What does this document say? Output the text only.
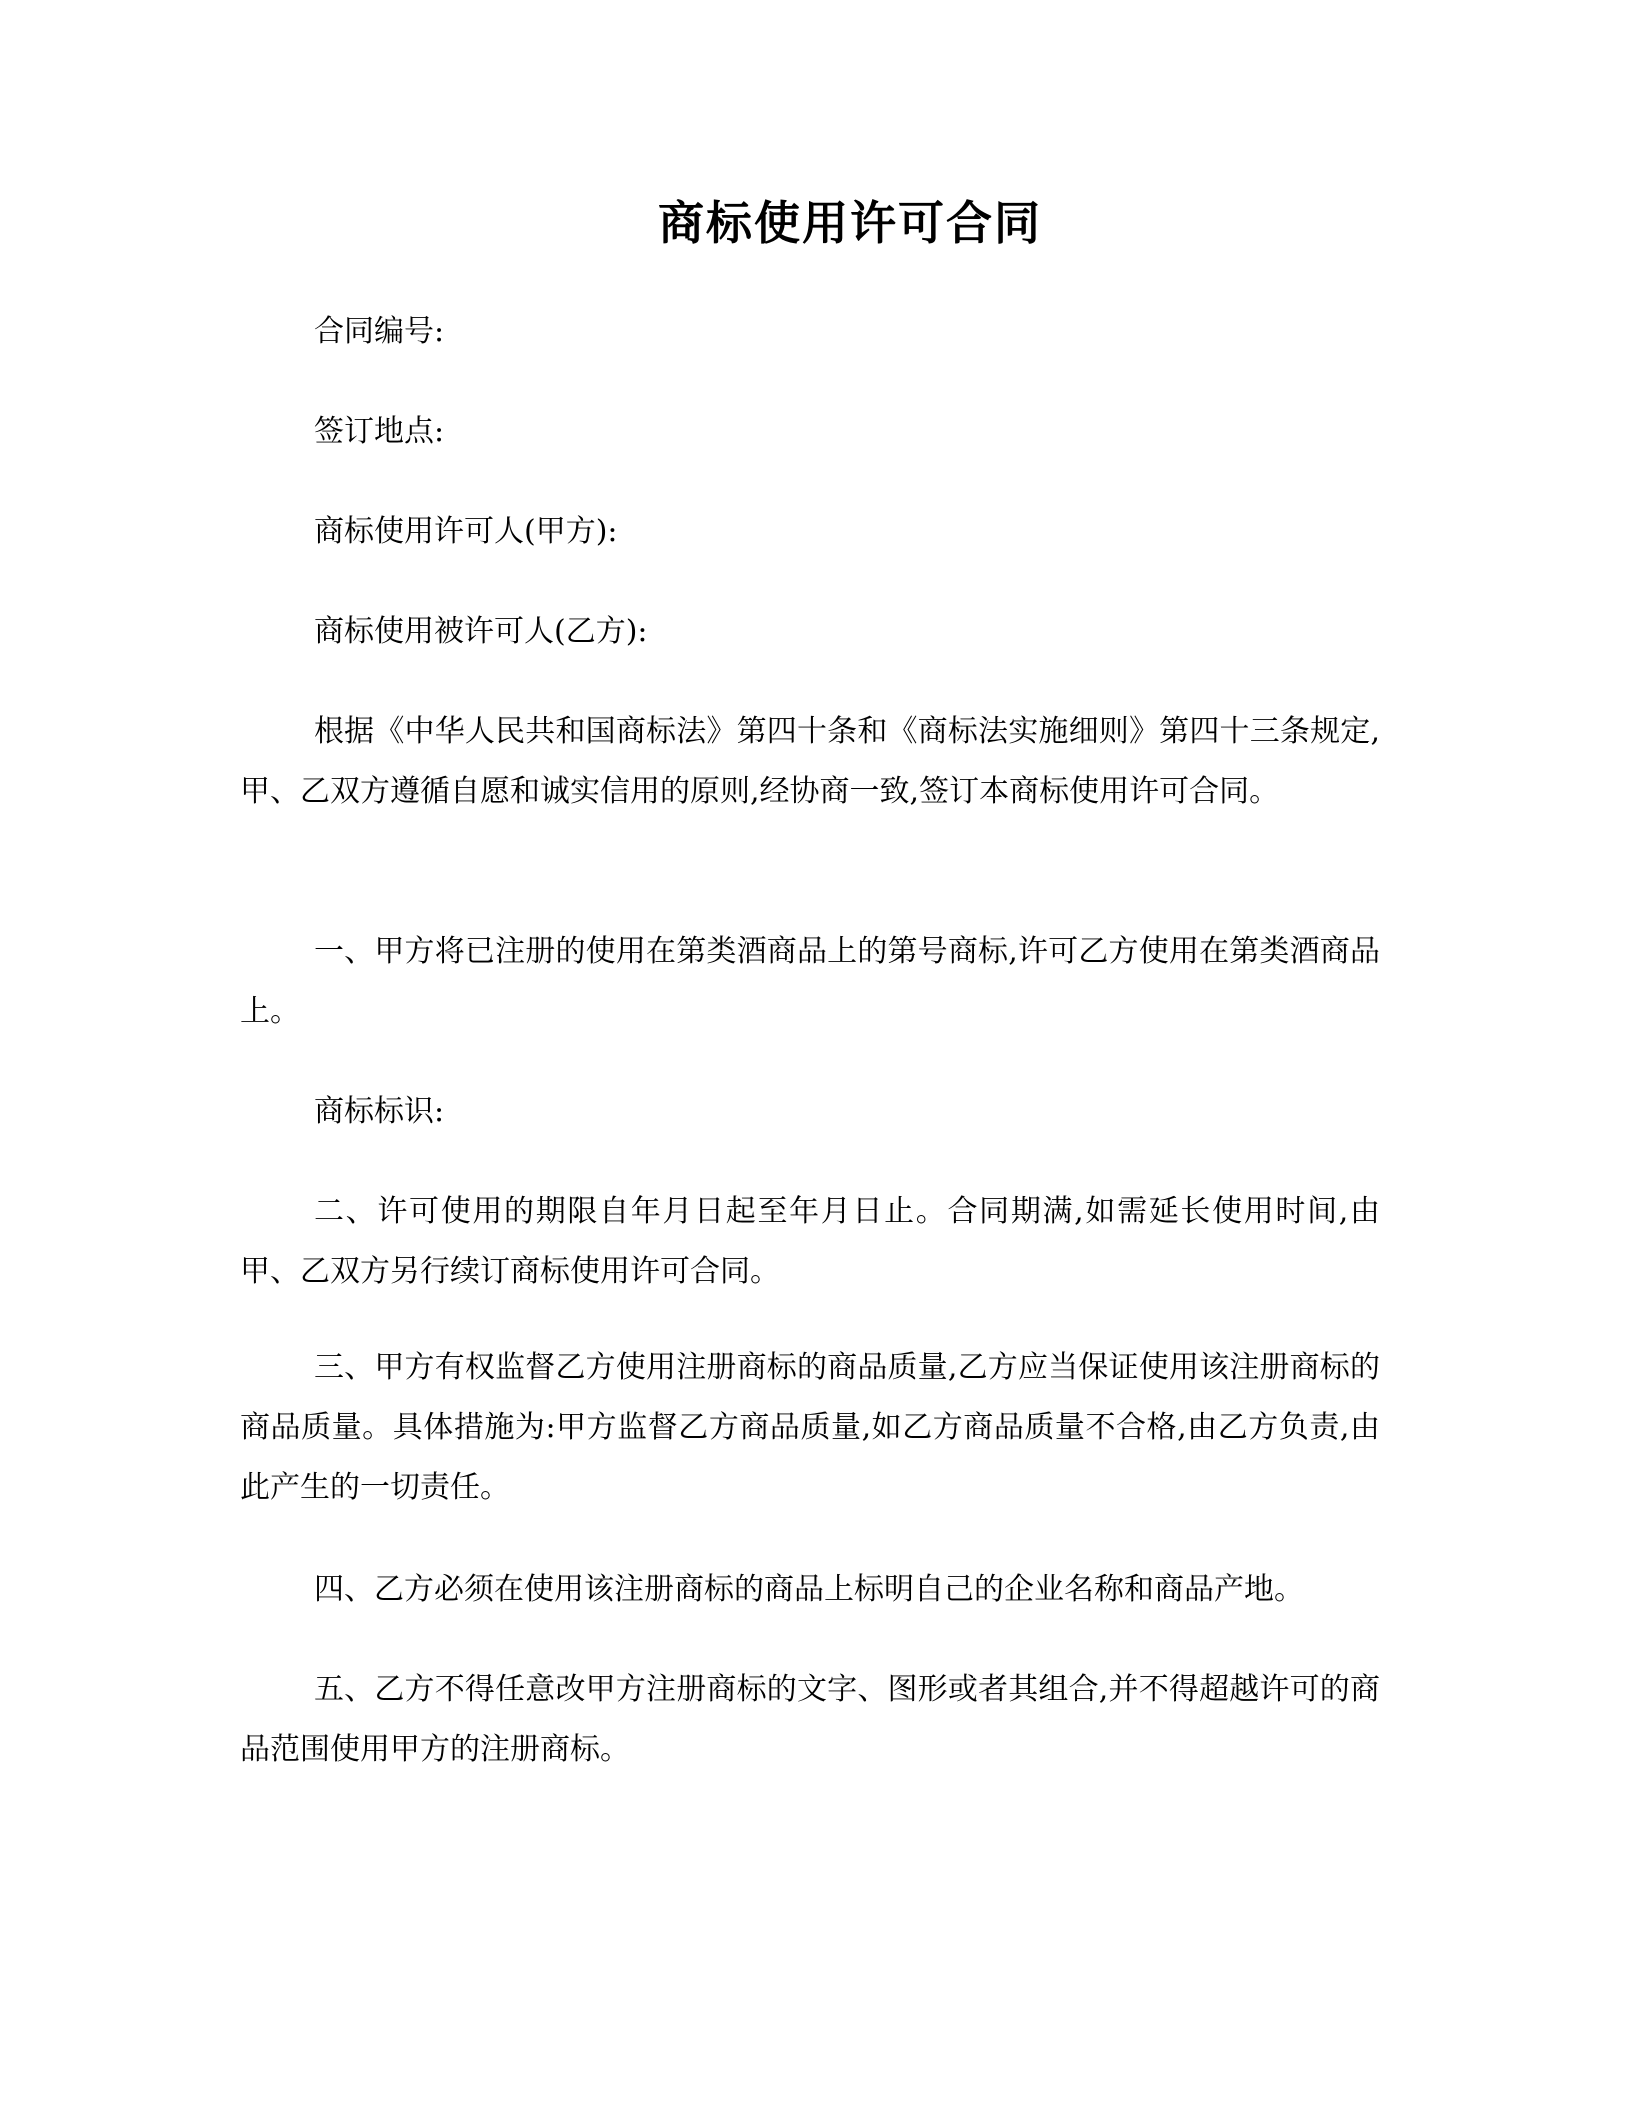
商标使用许可合同
合同编号:
签订地点:
商标使用许可人(甲方):
商标使用被许可人(乙方):
根据《中华人民共和国商标法》第四十条和《商标法实施细则》第四十三条规定,甲、乙双方遵循自愿和诚实信用的原则,经协商一致,签订本商标使用许可合同。
一、甲方将已注册的使用在第类酒商品上的第号商标,许可乙方使用在第类酒商品上。
商标标识:
二、许可使用的期限自年月日起至年月日止。合同期满,如需延长使用时间,由甲、乙双方另行续订商标使用许可合同。
三、甲方有权监督乙方使用注册商标的商品质量,乙方应当保证使用该注册商标的商品质量。具体措施为:甲方监督乙方商品质量,如乙方商品质量不合格,由乙方负责,由此产生的一切责任。
四、乙方必须在使用该注册商标的商品上标明自己的企业名称和商品产地。
五、乙方不得任意改甲方注册商标的文字、图形或者其组合,并不得超越许可的商品范围使用甲方的注册商标。
